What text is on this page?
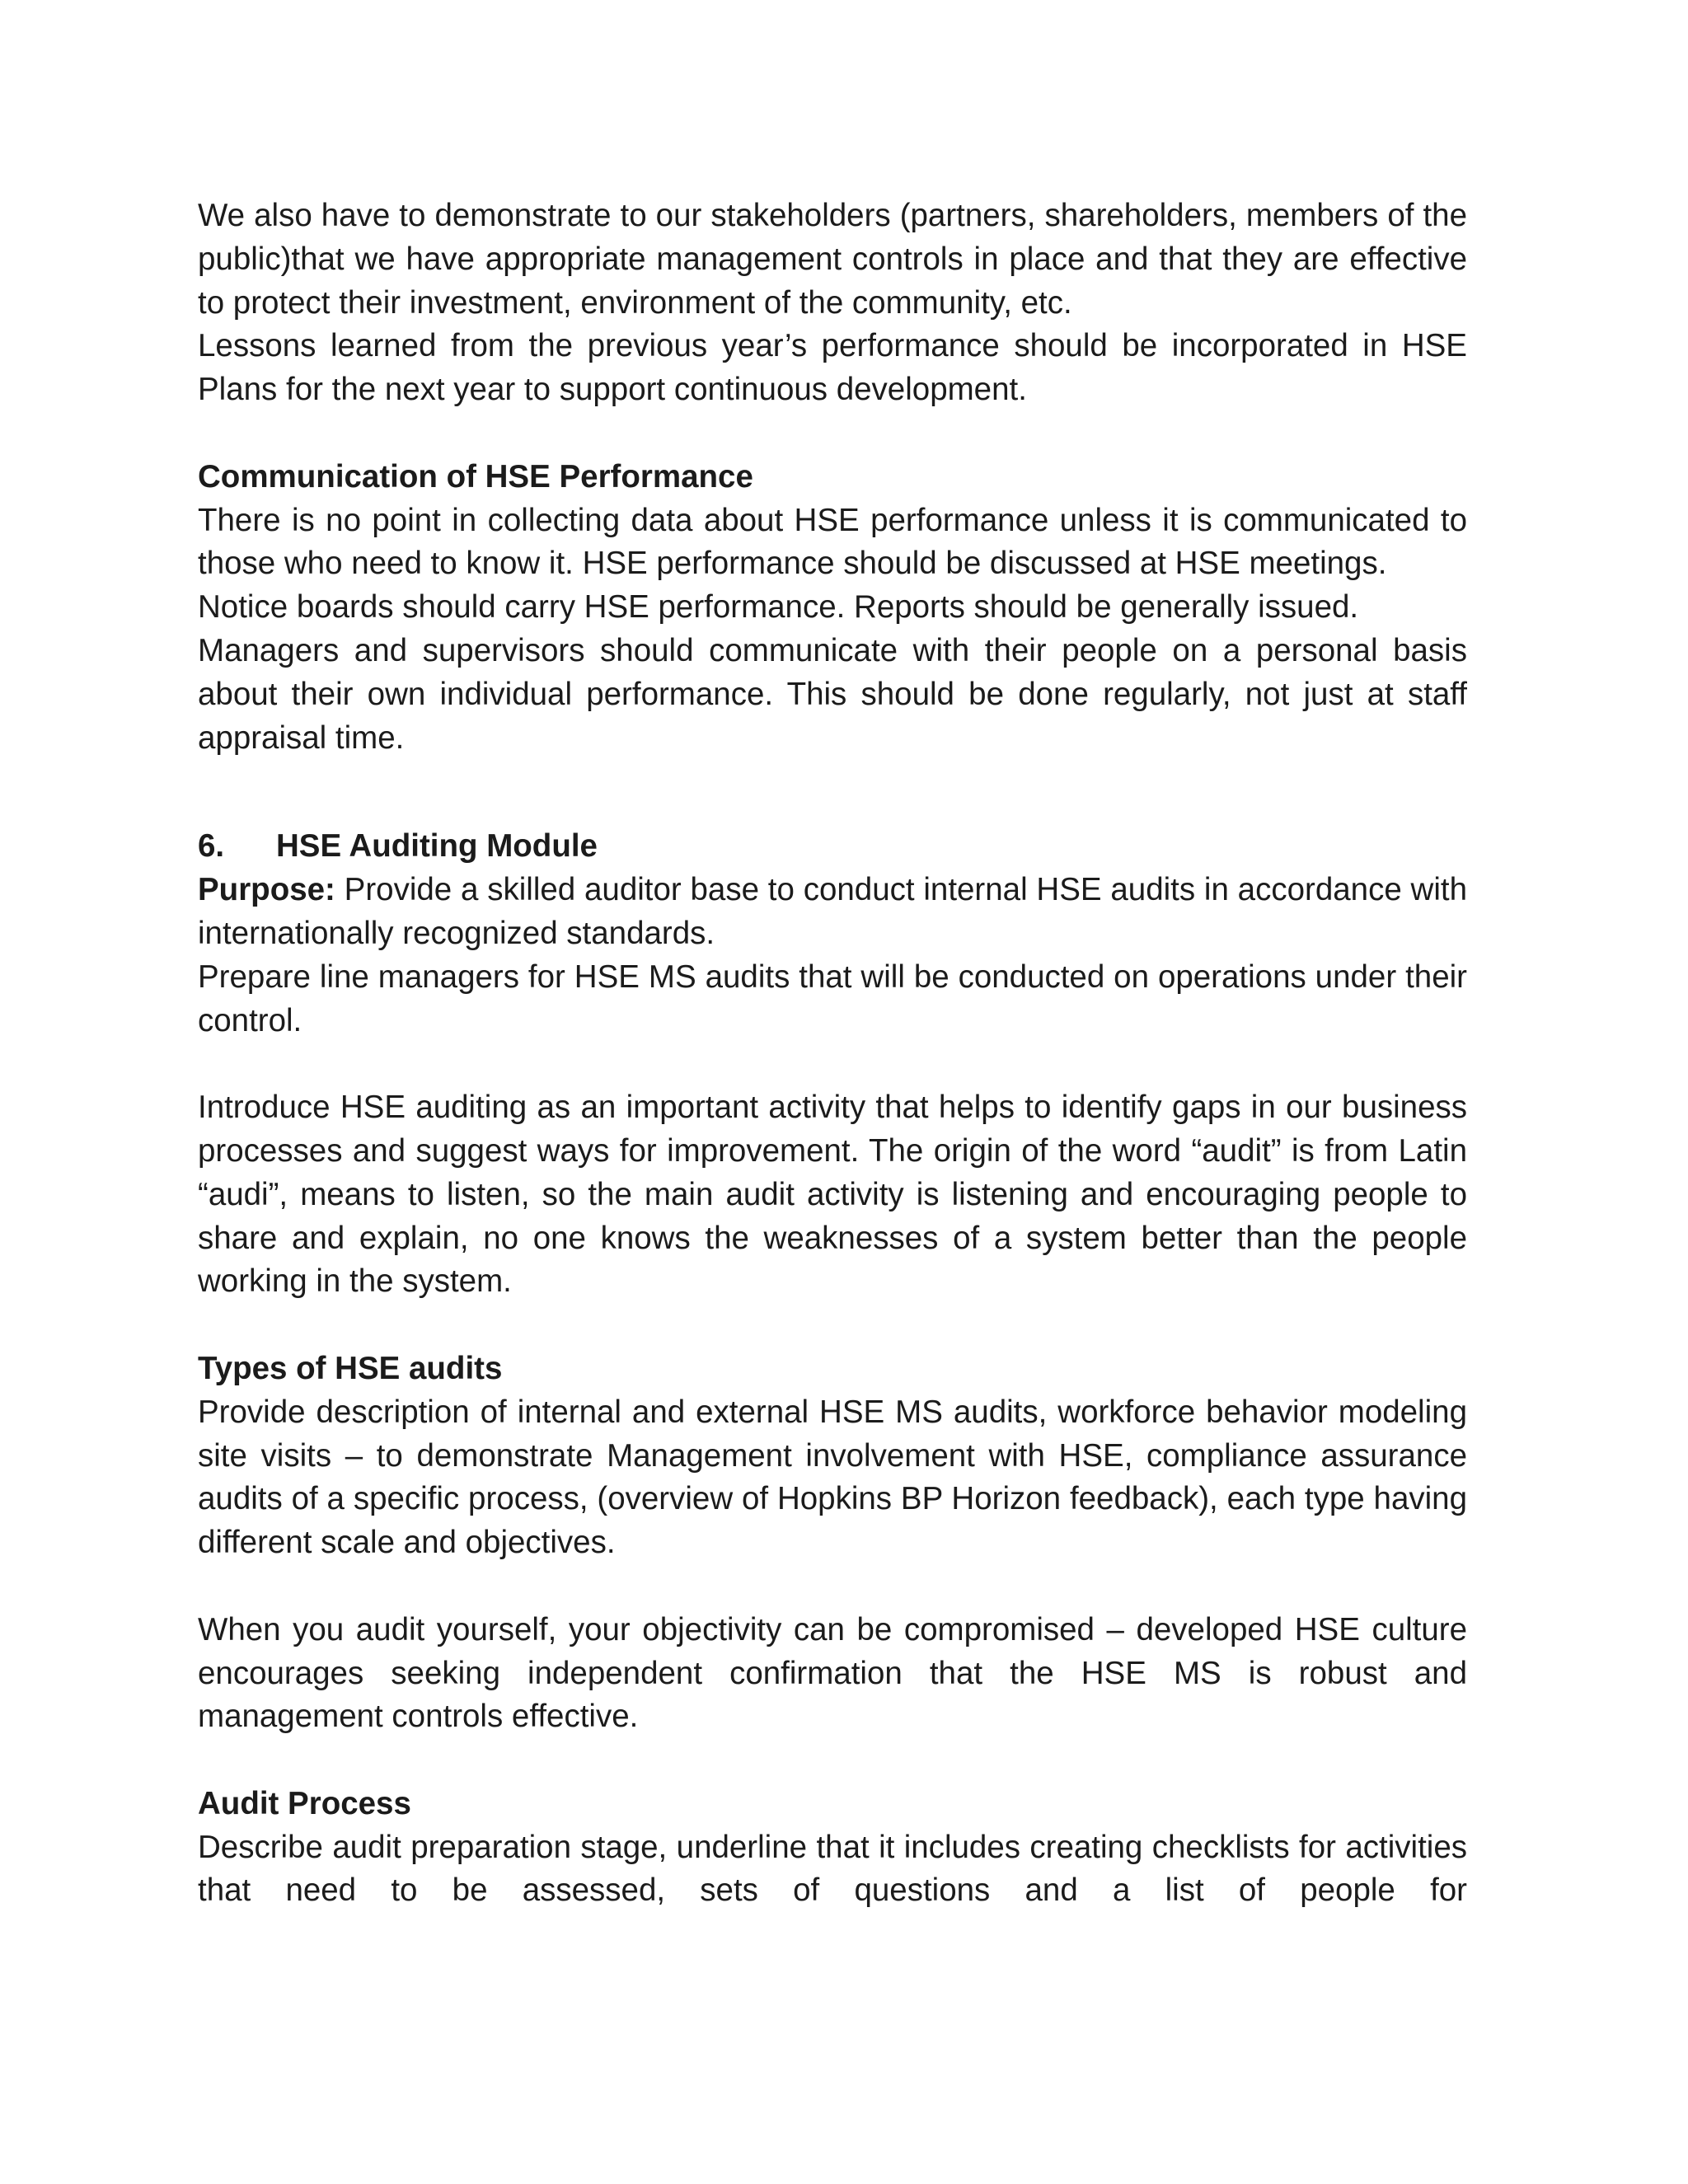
We also have to demonstrate to our stakeholders (partners, shareholders, members of the public)that we have appropriate management controls in place and that they are effective to protect their investment, environment of the community, etc.

Lessons learned from the previous year’s performance should be incorporated in HSE Plans for the next year to support continuous development.

Communication of HSE Performance

There is no point in collecting data about HSE performance unless it is communicated to those who need to know it. HSE performance should be discussed at HSE meetings.

Notice boards should carry HSE performance. Reports should be generally issued.

Managers and supervisors should communicate with their people on a personal basis about their own individual performance. This should be done regularly, not just at staff appraisal time.

6. HSE Auditing Module

Purpose: Provide a skilled auditor base to conduct internal HSE audits in accordance with internationally recognized standards.

Prepare line managers for HSE MS audits that will be conducted on operations under their control.

Introduce HSE auditing as an important activity that helps to identify gaps in our business processes and suggest ways for improvement. The origin of the word “audit” is from Latin “audi”, means to listen, so the main audit activity is listening and encouraging people to share and explain, no one knows the weaknesses of a system better than the people working in the system.

Types of HSE audits

Provide description of internal and external HSE MS audits, workforce behavior modeling site visits – to demonstrate Management involvement with HSE, compliance assurance audits of a specific process, (overview of Hopkins BP Horizon feedback), each type having different scale and objectives.

When you audit yourself, your objectivity can be compromised – developed HSE culture encourages seeking independent confirmation that the HSE MS is robust and management controls effective.

Audit Process

Describe audit preparation stage, underline that it includes creating checklists for activities that need to be assessed, sets of questions and a list of people for
